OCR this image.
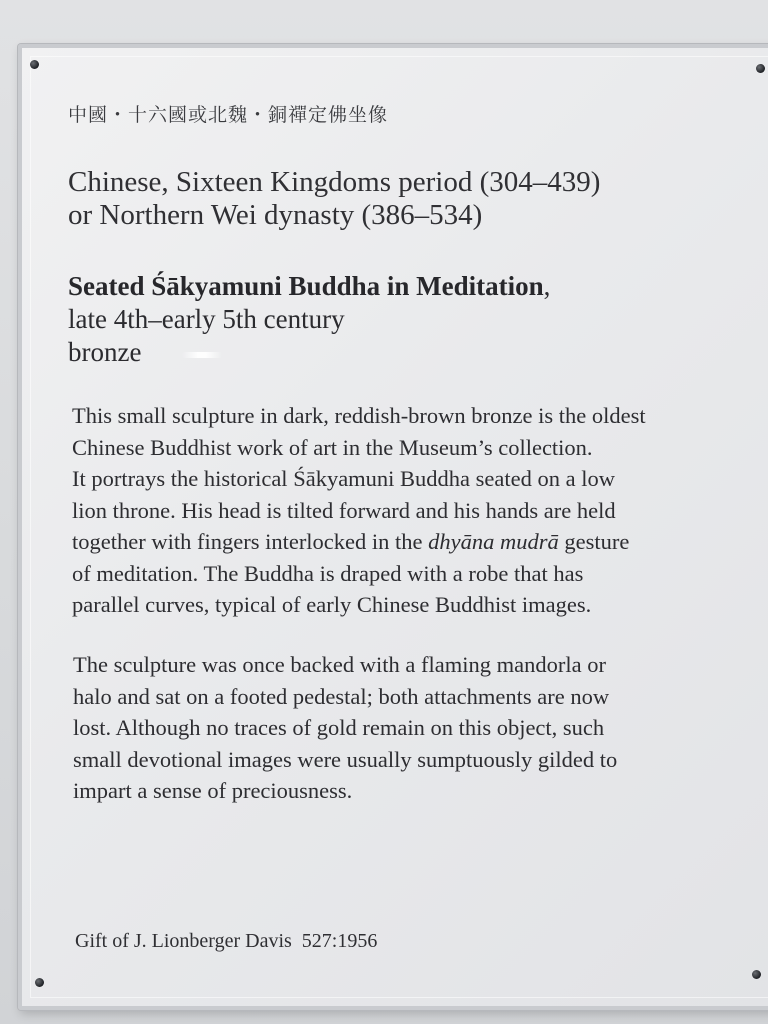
中國・十六國或北魏・銅禪定佛坐像
Chinese, Sixteen Kingdoms period (304–439)
or Northern Wei dynasty (386–534)
Seated Śākyamuni Buddha in Meditation,
late 4th–early 5th century
bronze
This small sculpture in dark, reddish-brown bronze is the oldest
Chinese Buddhist work of art in the Museum’s collection.
It portrays the historical Śākyamuni Buddha seated on a low
lion throne. His head is tilted forward and his hands are held
together with fingers interlocked in the dhyāna mudrā gesture
of meditation. The Buddha is draped with a robe that has
parallel curves, typical of early Chinese Buddhist images.
The sculpture was once backed with a flaming mandorla or
halo and sat on a footed pedestal; both attachments are now
lost. Although no traces of gold remain on this object, such
small devotional images were usually sumptuously gilded to
impart a sense of preciousness.
Gift of J. Lionberger Davis  527:1956
